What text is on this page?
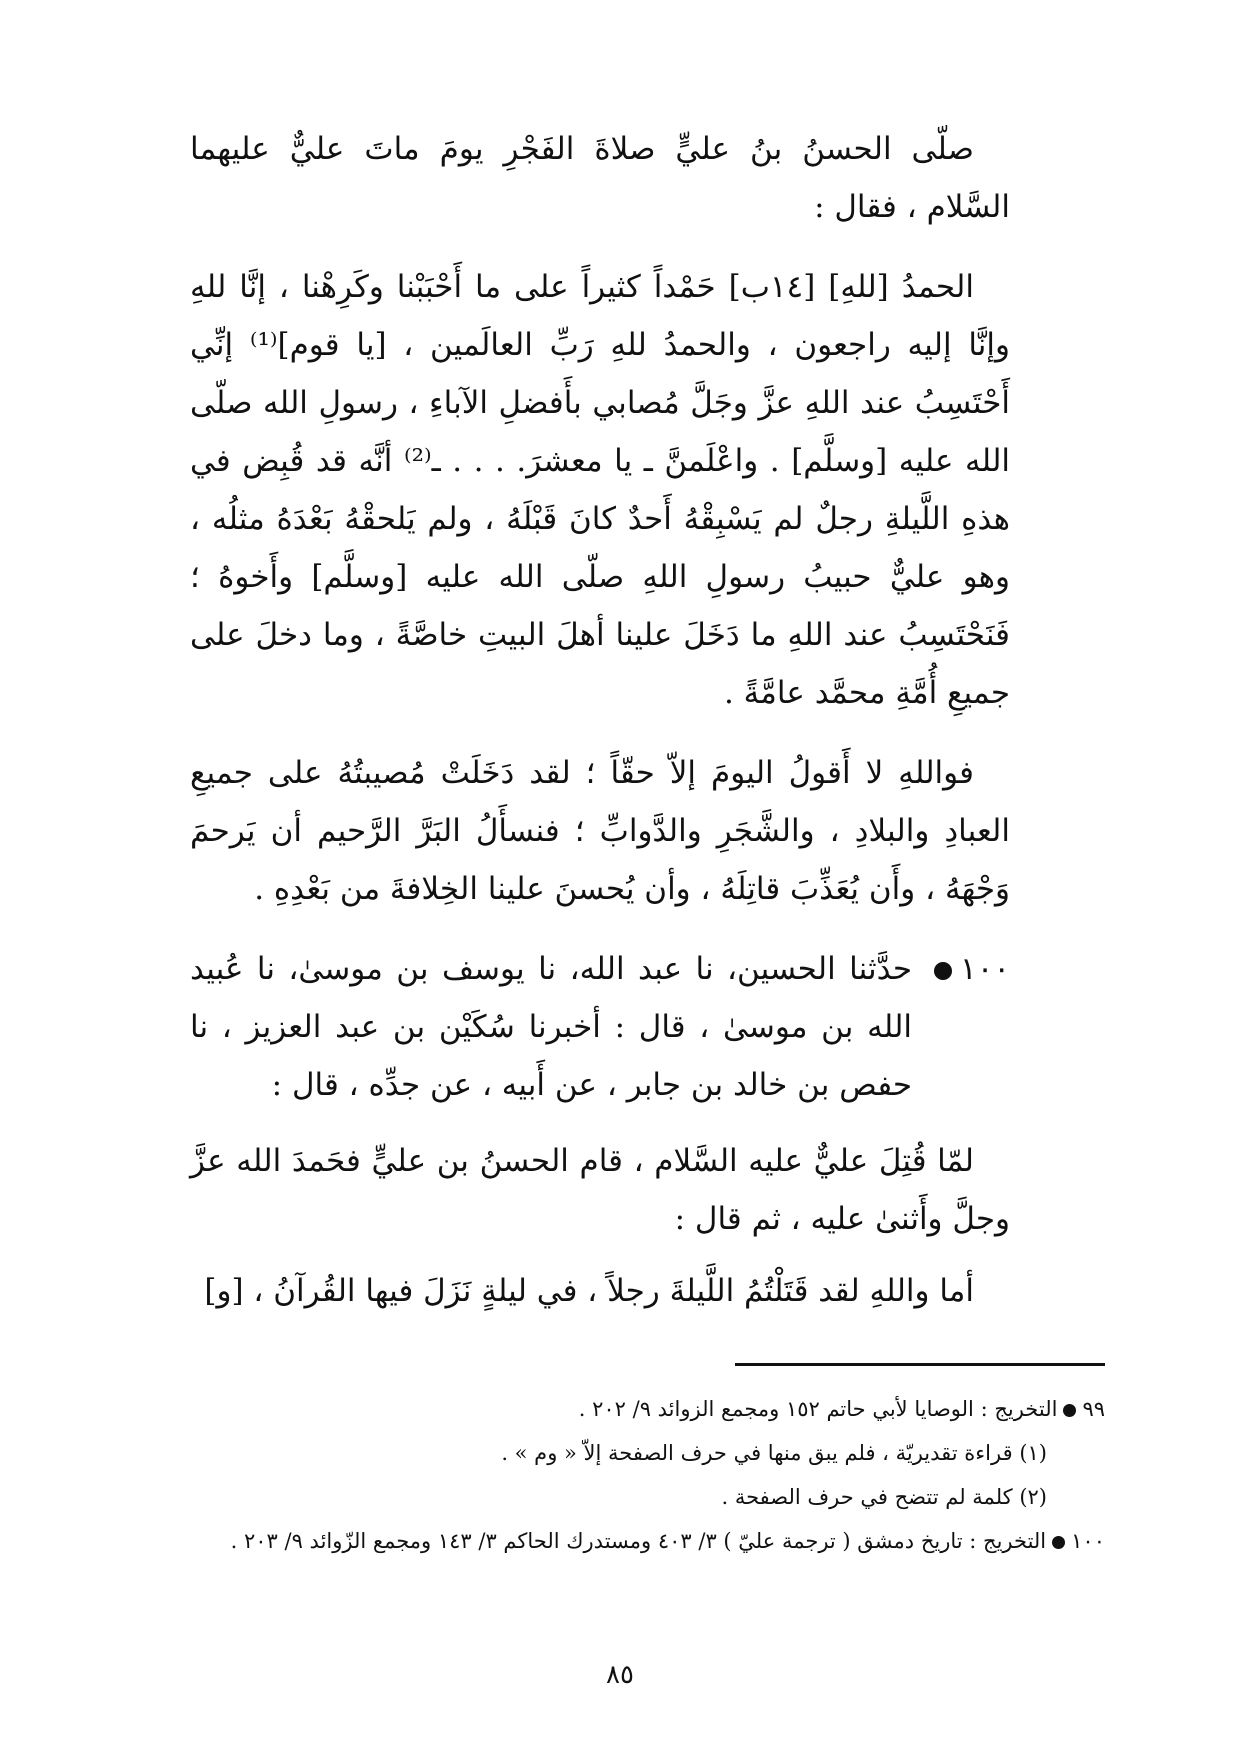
صلّى الحسنُ بنُ عليٍّ صلاةَ الفَجْرِ يومَ ماتَ عليٌّ عليهما السَّلام ، فقال :

الحمدُ [للهِ] [١٤ب] حَمْداً كثيراً على ما أَحْبَبْنا وكَرِهْنا ، إنَّا للهِ وإنَّا إليه راجعون ، والحمدُ للهِ رَبِّ العالَمين ، [يا قوم]⁽¹⁾ إنِّي أَحْتَسِبُ عند اللهِ عزَّ وجَلَّ مُصابي بأَفضلِ الآباءِ ، رسولِ الله صلّى الله عليه [وسلَّم] . واعْلَمنَّ ـ يا معشرَ. . . . ـ⁽²⁾ أنَّه قد قُبِض في هذهِ اللَّيلةِ رجلٌ لم يَسْبِقْهُ أَحدٌ كانَ قَبْلَهُ ، ولم يَلحقْهُ بَعْدَهُ مثلُه ، وهو عليٌّ حبيبُ رسولِ اللهِ صلّى الله عليه [وسلَّم] وأَخوهُ ؛ فَنَحْتَسِبُ عند اللهِ ما دَخَلَ علينا أهلَ البيتِ خاصَّةً ، وما دخلَ على جميعِ أُمَّةِ محمَّد عامَّةً .

فواللهِ لا أَقولُ اليومَ إلاّ حقّاً ؛ لقد دَخَلَتْ مُصيبتُهُ على جميعِ العبادِ والبلادِ ، والشَّجَرِ والدَّوابِّ ؛ فنسأَلُ البَرَّ الرَّحيم أن يَرحمَ وَجْهَهُ ، وأَن يُعَذِّبَ قاتِلَهُ ، وأن يُحسنَ علينا الخِلافةَ من بَعْدِهِ .

١٠٠
حدَّثنا الحسين، نا عبد الله، نا يوسف بن موسىٰ، نا عُبيد الله بن موسىٰ ، قال : أخبرنا سُكَيْن بن عبد العزيز ، نا حفص بن خالد بن جابر ، عن أَبيه ، عن جدِّه ، قال :

لمّا قُتِلَ عليٌّ عليه السَّلام ، قام الحسنُ بن عليٍّ فحَمدَ الله عزَّ وجلَّ وأَثنىٰ عليه ، ثم قال :

أما واللهِ لقد قَتَلْتُمُ اللَّيلةَ رجلاً ، في ليلةٍ نَزَلَ فيها القُرآنُ ، [و]

٩٩التخريج : الوصايا لأبي حاتم ١٥٢ ومجمع الزوائد ٩/ ٢٠٢ .
(١) قراءة تقديريّة ، فلم يبق منها في حرف الصفحة إلاّ « وم » .
(٢) كلمة لم تتضح في حرف الصفحة .
١٠٠التخريج : تاريخ دمشق ( ترجمة عليّ ) ٣/ ٤٠٣ ومستدرك الحاكم ٣/ ١٤٣ ومجمع الزّوائد ٩/ ٢٠٣ .
٨٥
